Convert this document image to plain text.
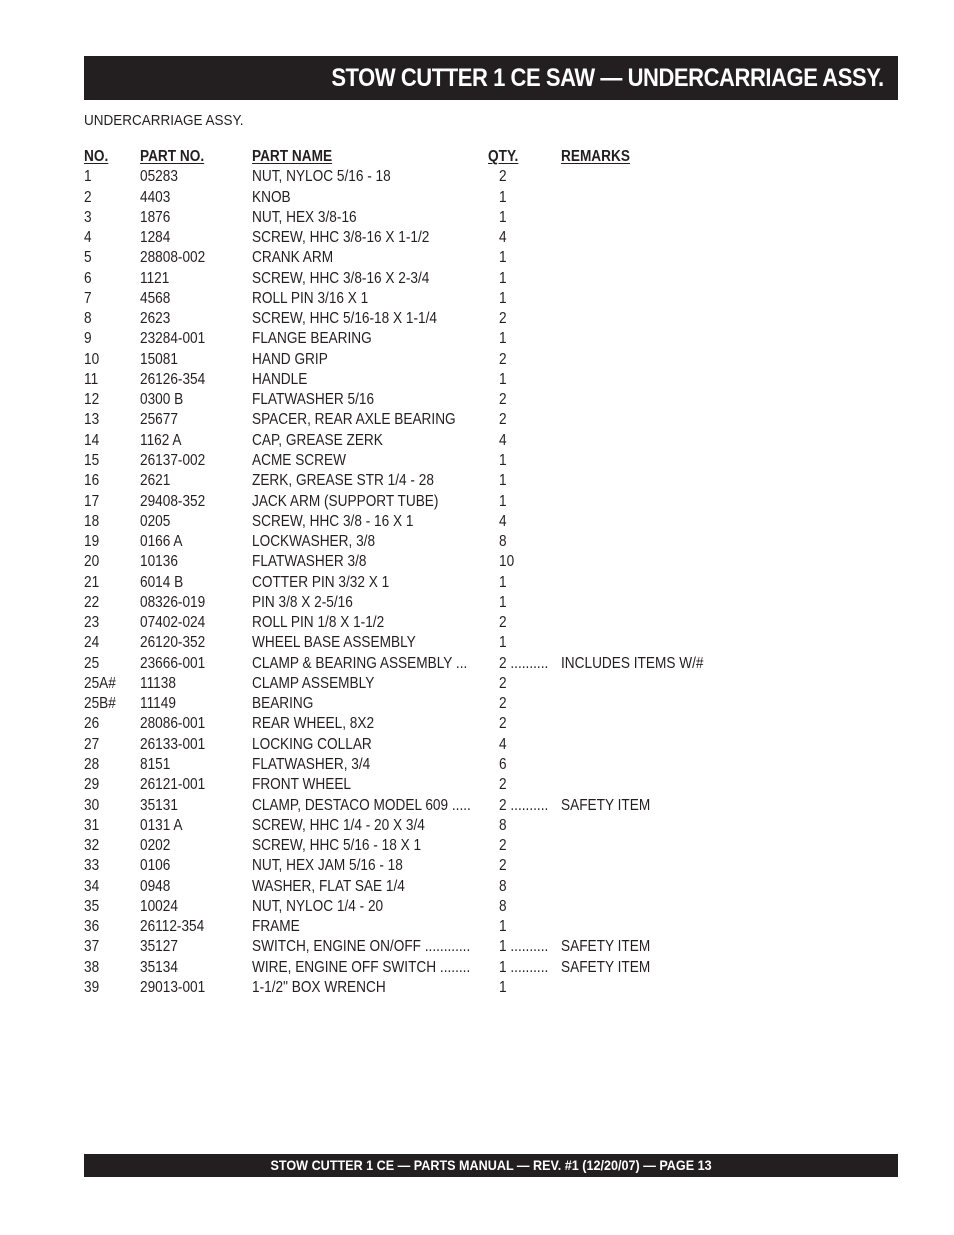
STOW CUTTER 1 CE SAW — UNDERCARRIAGE ASSY.
UNDERCARRIAGE ASSY.
NO. PART NO.	PART NAME	QTY.	REMARKS
1	05283	NUT, NYLOC 5/16 - 18	2
2	4403	KNOB	1
3	1876	NUT, HEX 3/8-16	1
4	1284	SCREW, HHC 3/8-16 X 1-1/2	4
5	28808-002	CRANK ARM	1
6	1121	SCREW, HHC 3/8-16 X 2-3/4	1
7	4568	ROLL PIN 3/16 X 1	1
8	2623	SCREW, HHC 5/16-18 X 1-1/4	2
9	23284-001	FLANGE BEARING	1
10	15081	HAND GRIP	2
11	26126-354	HANDLE	1
12	0300 B	FLATWASHER 5/16	2
13	25677	SPACER, REAR AXLE BEARING	2
14	1162 A	CAP, GREASE ZERK	4
15	26137-002	ACME SCREW	1
16	2621	ZERK, GREASE STR 1/4 - 28	1
17	29408-352	JACK ARM (SUPPORT TUBE)	1
18	0205	SCREW, HHC 3/8 - 16 X 1	4
19	0166 A	LOCKWASHER, 3/8	8
20	10136	FLATWASHER 3/8	10
21	6014 B	COTTER PIN 3/32 X 1	1
22	08326-019	PIN 3/8 X 2-5/16	1
23	07402-024	ROLL PIN 1/8 X 1-1/2	2
24	26120-352	WHEEL BASE ASSEMBLY	1
25	23666-001	CLAMP & BEARING ASSEMBLY ... 2 .......... INCLUDES ITEMS W/#
25A# 11138	CLAMP ASSEMBLY	2
25B# 11149	BEARING	2
26	28086-001	REAR WHEEL, 8X2	2
27	26133-001	LOCKING COLLAR	4
28	8151	FLATWASHER, 3/4	6
29	26121-001	FRONT WHEEL	2
30	35131	CLAMP, DESTACO MODEL 609 ..... 2 .......... SAFETY ITEM
31	0131 A	SCREW, HHC 1/4 - 20 X 3/4	8
32	0202	SCREW, HHC 5/16 - 18 X 1	2
33	0106	NUT, HEX JAM 5/16 - 18	2
34	0948	WASHER, FLAT SAE 1/4	8
35	10024	NUT, NYLOC 1/4 - 20	8
36	26112-354	FRAME	1
37	35127	SWITCH, ENGINE ON/OFF ............ 1 .......... SAFETY ITEM
38	35134	WIRE, ENGINE OFF SWITCH ........ 1 .......... SAFETY ITEM
39	29013-001	1-1/2" BOX WRENCH	1
STOW CUTTER 1 CE — PARTS MANUAL — REV. #1 (12/20/07) — PAGE 13
